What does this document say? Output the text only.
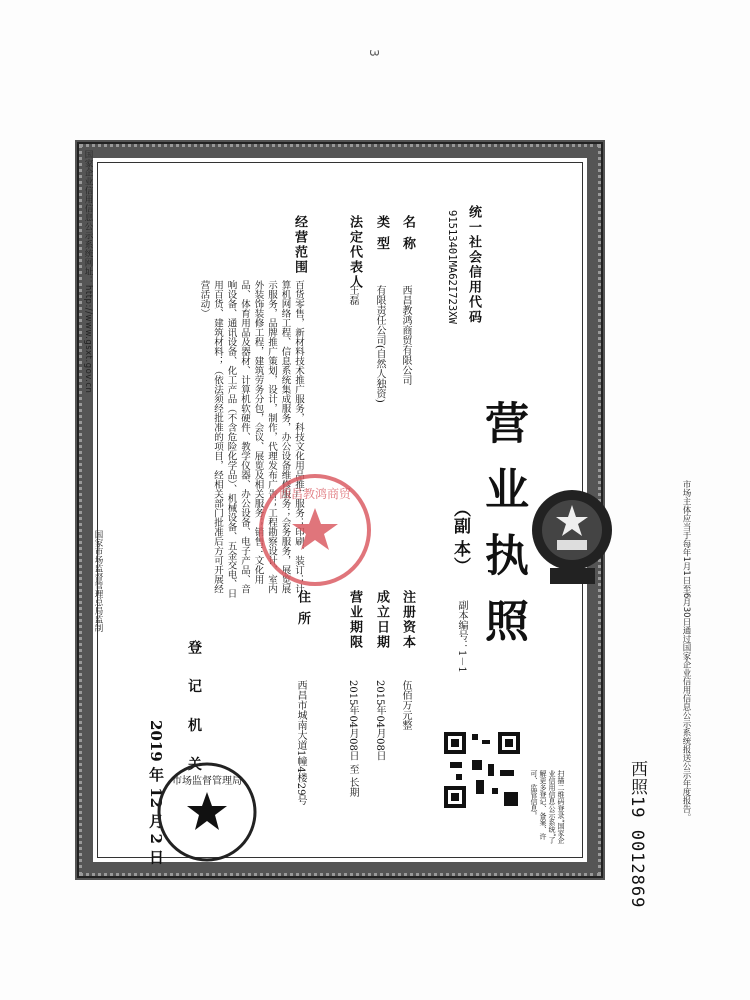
3
国家企业信用信息公示系统网址：http://www.gsxt.gov.cn
国家市场监督管理总局监制	市场主体应当于每年1月1日至6月30日通过国家企业信用信息公示系统报送公示年度报告。
西照19 0012869
营业执照
（副 本）
副本编号：1－1
统一社会信用代码
91513401MA62I723XW
名 称
西昌教鸿商贸有限公司
类 型
有限责任公司(自然人独资)
法定代表人
王磊
经营范围
百货零售，新材料技术推广服务，科技文化用品推广服务；印刷、装订；计算机网络工程、信息系统集成服务，办公设备维修服务；会务服务，展览展示服务，品牌推广策划，设计，制作，代理发布广告；工程勘察设计，室内外装饰装修工程，建筑劳务分包，会议、展览及相关服务；销售：文化用品、体育用品及器材、计算机软硬件、教学仪器、办公设备、电子产品、音响设备、通讯设备、化工产品（不含危险化学品）、机械设备、五金交电、日用百货、建筑材料；（依法须经批准的项目，经相关部门批准后方可开展经营活动）
注册资本
伍佰万元整
成立日期
2015年04月08日
营业期限
2015年04月08日 至 长期
住 所
西昌市城南大道1幢4楼29号
登 记 机 关
2019 年 12 月 2 日	扫描二维码登录“国家企业信用信息公示系统”了解更多登记、备案、许可、监管信息。
西昌教鸿商贸
市场监督管理局
